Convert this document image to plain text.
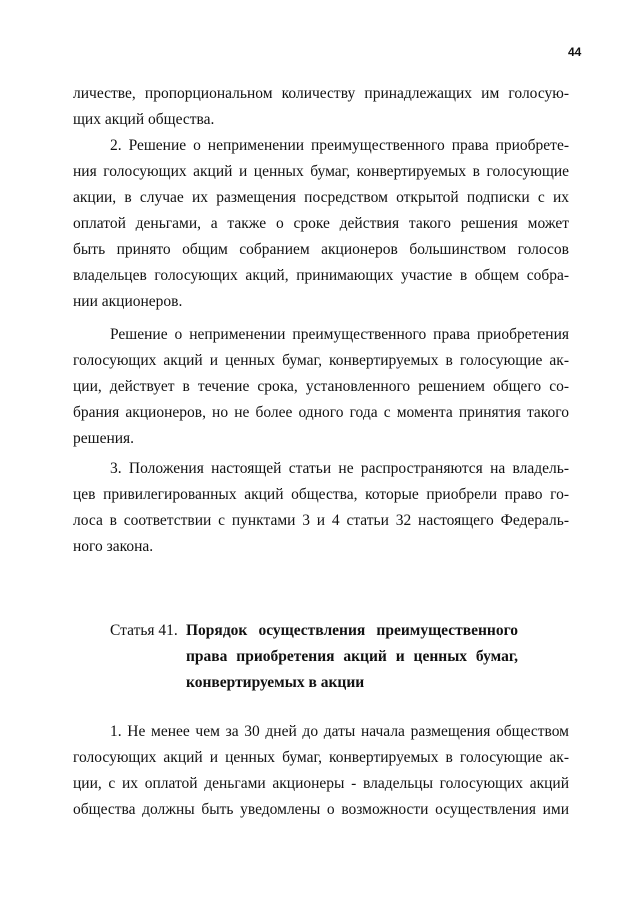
44
личестве, пропорциональном количеству принадлежащих им голосую-
щих акций общества.
2. Решение о неприменении преимущественного права приобрете-
ния голосующих акций и ценных бумаг, конвертируемых в голосующие
акции, в случае их размещения посредством открытой подписки с их
оплатой деньгами, а также о сроке действия такого решения может
быть принято общим собранием акционеров большинством голосов
владельцев голосующих акций, принимающих участие в общем собра-
нии акционеров.
Решение о неприменении преимущественного права приобретения
голосующих акций и ценных бумаг, конвертируемых в голосующие ак-
ции, действует в течение срока, установленного решением общего со-
брания акционеров, но не более одного года с момента принятия такого
решения.
3. Положения настоящей статьи не распространяются на владель-
цев привилегированных акций общества, которые приобрели право го-
лоса в соответствии с пунктами 3 и 4 статьи 32 настоящего Федераль-
ного закона.
Статья 41. Порядок осуществления преимущественного
права приобретения акций и ценных бумаг,
конвертируемых в акции
1. Не менее чем за 30 дней до даты начала размещения обществом
голосующих акций и ценных бумаг, конвертируемых в голосующие ак-
ции, с их оплатой деньгами акционеры - владельцы голосующих акций
общества должны быть уведомлены о возможности осуществления ими
